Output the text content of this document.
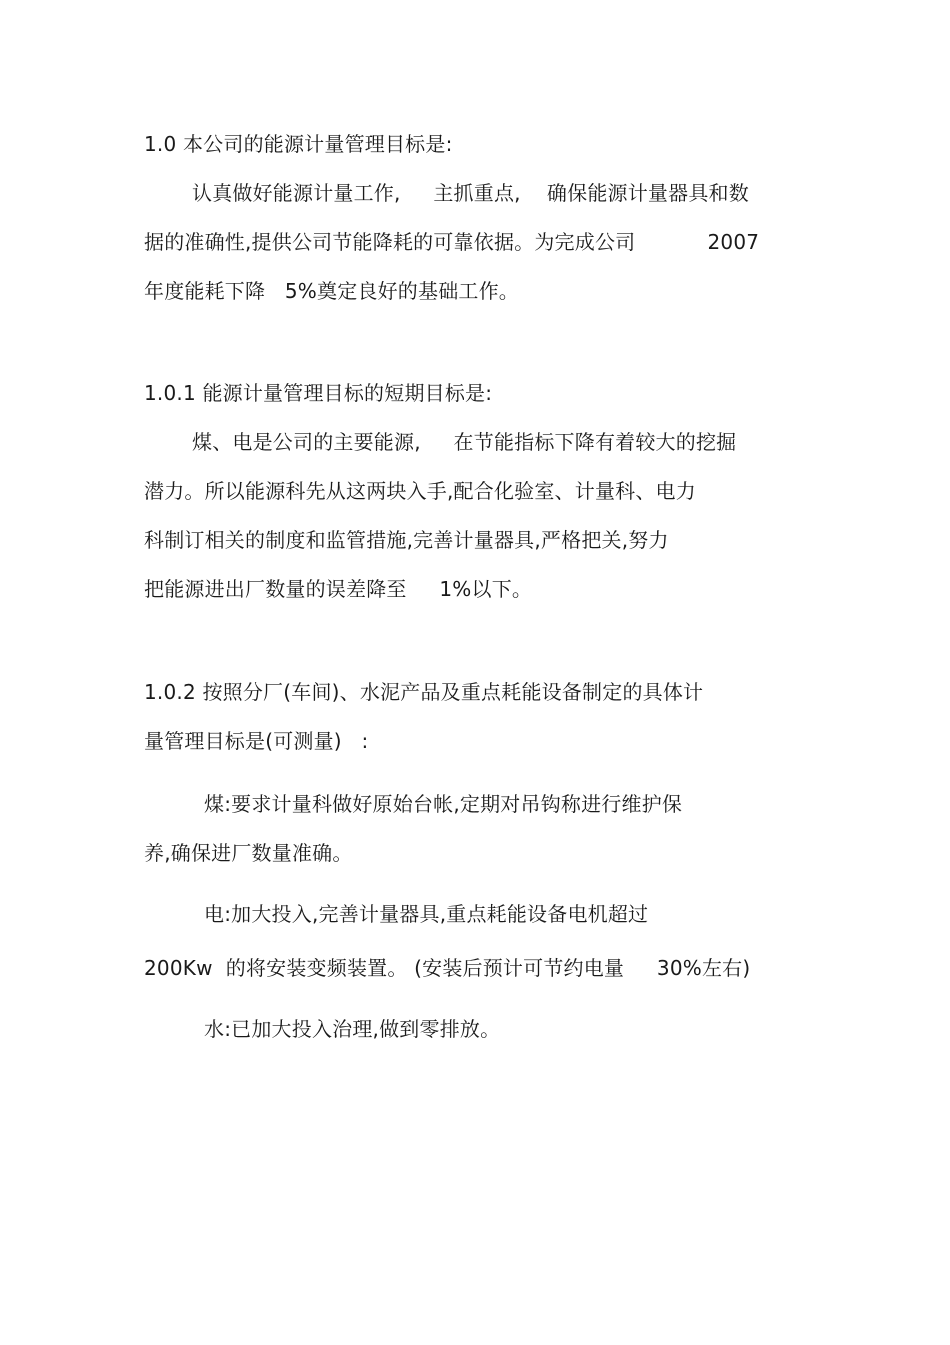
1.0 本公司的能源计量管理目标是:
认真做好能源计量工作,     主抓重点,    确保能源计量器具和数
据的准确性,提供公司节能降耗的可靠依据。为完成公司           2007
年度能耗下降   5%奠定良好的基础工作。
1.0.1 能源计量管理目标的短期目标是:
煤、电是公司的主要能源,     在节能指标下降有着较大的挖掘
潜力。所以能源科先从这两块入手,配合化验室、计量科、电力
科制订相关的制度和监管措施,完善计量器具,严格把关,努力
把能源进出厂数量的误差降至     1%以下。
1.0.2 按照分厂(车间)、水泥产品及重点耗能设备制定的具体计
量管理目标是(可测量)   :
煤:要求计量科做好原始台帐,定期对吊钩称进行维护保
养,确保进厂数量准确。
电:加大投入,完善计量器具,重点耗能设备电机超过
200Kw  的将安装变频装置。 (安装后预计可节约电量     30%左右)
水:已加大投入治理,做到零排放。
